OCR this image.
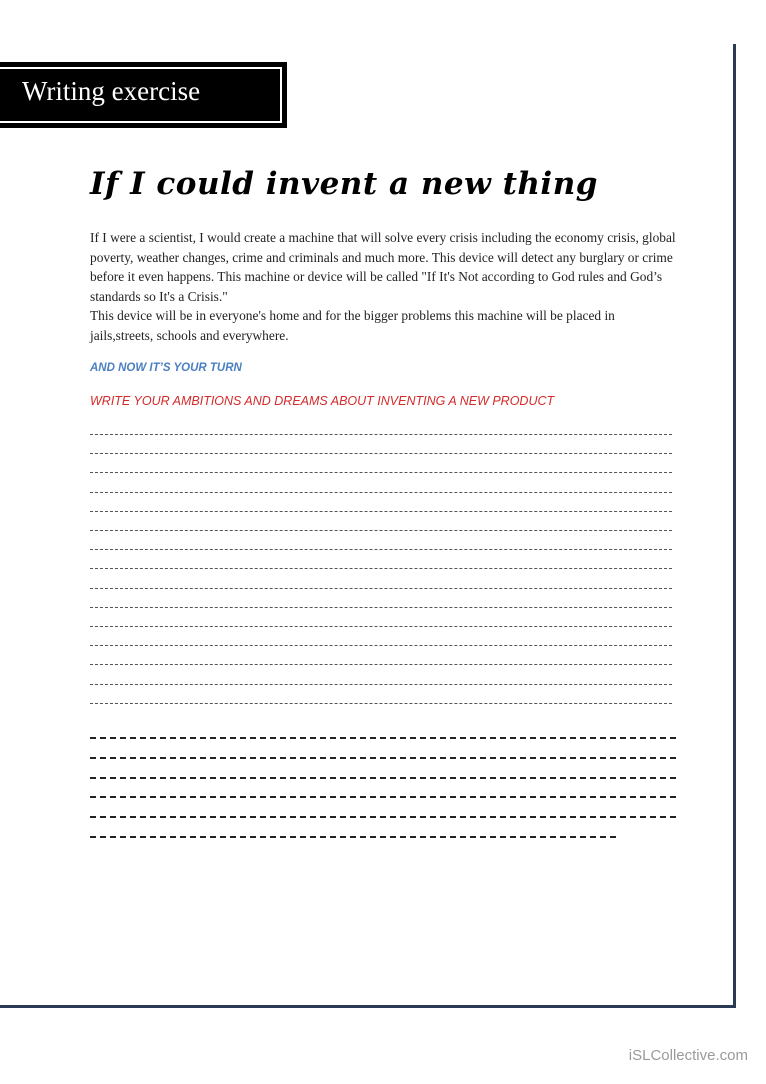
Writing exercise
If I could invent a new thing

If I were a scientist, I would create a machine that will solve every crisis including the economy crisis, global poverty, weather changes, crime and criminals and much more. This device will detect any burglary or crime before it even happens. This machine or device will be called "If It's Not according to God rules and God’s standards so It's a Crisis."

This device will be in everyone's home and for the bigger problems this machine will be placed in jails,streets, schools and everywhere.

AND NOW IT’S YOUR TURN
WRITE YOUR AMBITIONS AND DREAMS ABOUT INVENTING A NEW PRODUCT
iSLCollective.com
